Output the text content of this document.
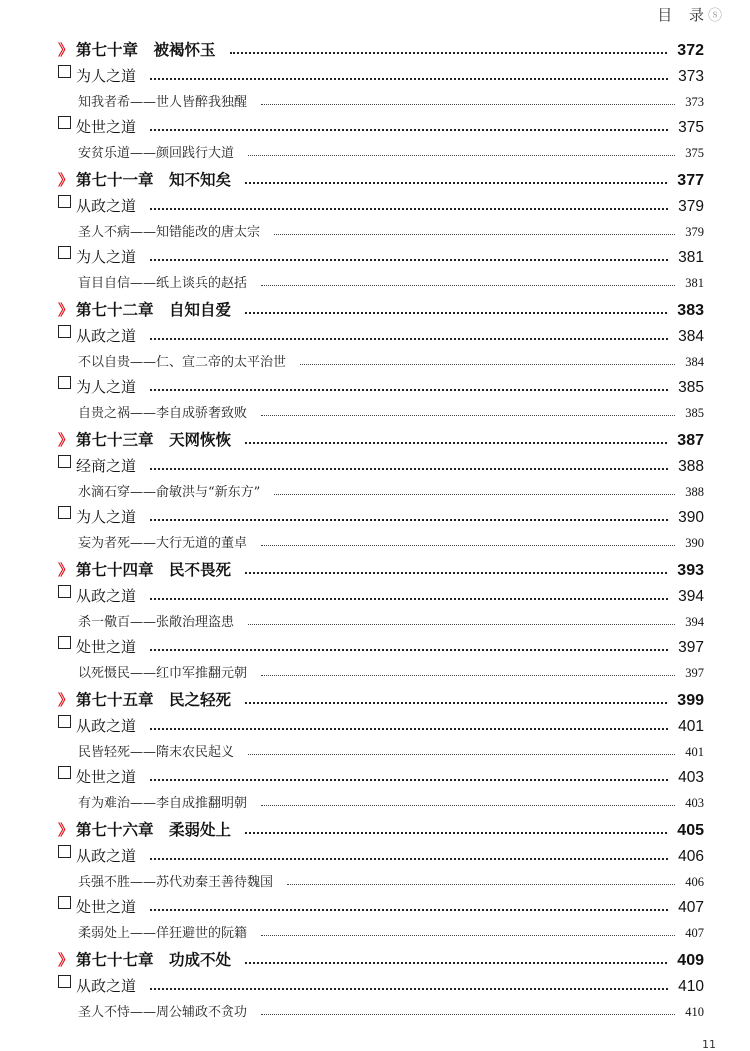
目 录
ⓢ
》 第七十章　被褐怀玉	372
为人之道	373
知我者希——世人皆醉我独醒	373
处世之道	375
安贫乐道——颜回践行大道	375
》 第七十一章　知不知矣	377
从政之道	379
圣人不病——知错能改的唐太宗	379
为人之道	381
盲目自信——纸上谈兵的赵括	381
》 第七十二章　自知自爱	383
从政之道	384
不以自贵——仁、宣二帝的太平治世	384
为人之道	385
自贵之祸——李自成骄奢致败	385
》 第七十三章　天网恢恢	387
经商之道	388
水滴石穿——俞敏洪与“新东方”	388
为人之道	390
妄为者死——大行无道的董卓	390
》 第七十四章　民不畏死	393
从政之道	394
杀一儆百——张敞治理盗患	394
处世之道	397
以死慑民——红巾军推翻元朝	397
》 第七十五章　民之轻死	399
从政之道	401
民皆轻死——隋末农民起义	401
处世之道	403
有为难治——李自成推翻明朝	403
》 第七十六章　柔弱处上	405
从政之道	406
兵强不胜——苏代劝秦王善待魏国	406
处世之道	407
柔弱处上——佯狂避世的阮籍	407
》 第七十七章　功成不处	409
从政之道	410
圣人不恃——周公辅政不贪功	410
11
